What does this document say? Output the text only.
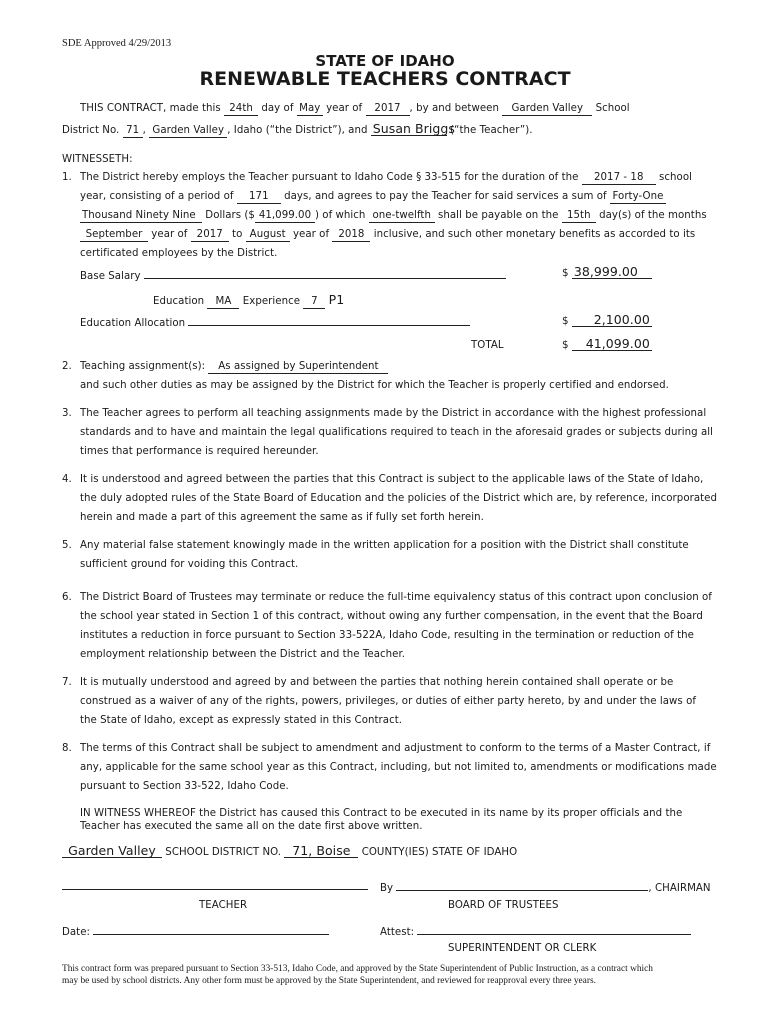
SDE Approved 4/29/2013
STATE OF IDAHO
RENEWABLE TEACHERS CONTRACT
THIS CONTRACT, made this 24th day of May year of 2017 , by and between Garden Valley School
District No. 71 , Garden Valley , Idaho (“the District”), and Susan Briggs (“the Teacher”).
WITNESSETH:
1. The District hereby employs the Teacher pursuant to Idaho Code § 33-515 for the duration of the 2017 - 18 school
year, consisting of a period of 171 days, and agrees to pay the Teacher for said services a sum of Forty-One
Thousand Ninety Nine Dollars ($ 41,099.00 ) of which one-twelfth shall be payable on the 15th day(s) of the months
September year of 2017 to August year of 2018 inclusive, and such other monetary benefits as accorded to its
certificated employees by the District.
Base Salary	$ 38,999.00
Education MA Experience 7 P1
Education Allocation	$ 2,100.00
TOTAL	$ 41,099.00
2. Teaching assignment(s): As assigned by Superintendent
and such other duties as may be assigned by the District for which the Teacher is properly certified and endorsed.
3. The Teacher agrees to perform all teaching assignments made by the District in accordance with the highest professional
standards and to have and maintain the legal qualifications required to teach in the aforesaid grades or subjects during all
times that performance is required hereunder.
4. It is understood and agreed between the parties that this Contract is subject to the applicable laws of the State of Idaho,
the duly adopted rules of the State Board of Education and the policies of the District which are, by reference, incorporated
herein and made a part of this agreement the same as if fully set forth herein.
5. Any material false statement knowingly made in the written application for a position with the District shall constitute
sufficient ground for voiding this Contract.
6. The District Board of Trustees may terminate or reduce the full-time equivalency status of this contract upon conclusion of
the school year stated in Section 1 of this contract, without owing any further compensation, in the event that the Board
institutes a reduction in force pursuant to Section 33-522A, Idaho Code, resulting in the termination or reduction of the
employment relationship between the District and the Teacher.
7. It is mutually understood and agreed by and between the parties that nothing herein contained shall operate or be
construed as a waiver of any of the rights, powers, privileges, or duties of either party hereto, by and under the laws of
the State of Idaho, except as expressly stated in this Contract.
8. The terms of this Contract shall be subject to amendment and adjustment to conform to the terms of a Master Contract, if
any, applicable for the same school year as this Contract, including, but not limited to, amendments or modifications made
pursuant to Section 33-522, Idaho Code.
IN WITNESS WHEREOF the District has caused this Contract to be executed in its name by its proper officials and the
Teacher has executed the same all on the date first above written.
Garden Valley SCHOOL DISTRICT NO. 71, Boise COUNTY(IES) STATE OF IDAHO
By	, CHAIRMAN
TEACHER	BOARD OF TRUSTEES
Date:	Attest:
SUPERINTENDENT OR CLERK
This contract form was prepared pursuant to Section 33-513, Idaho Code, and approved by the State Superintendent of Public Instruction, as a contract which
may be used by school districts. Any other form must be approved by the State Superintendent, and reviewed for reapproval every three years.
